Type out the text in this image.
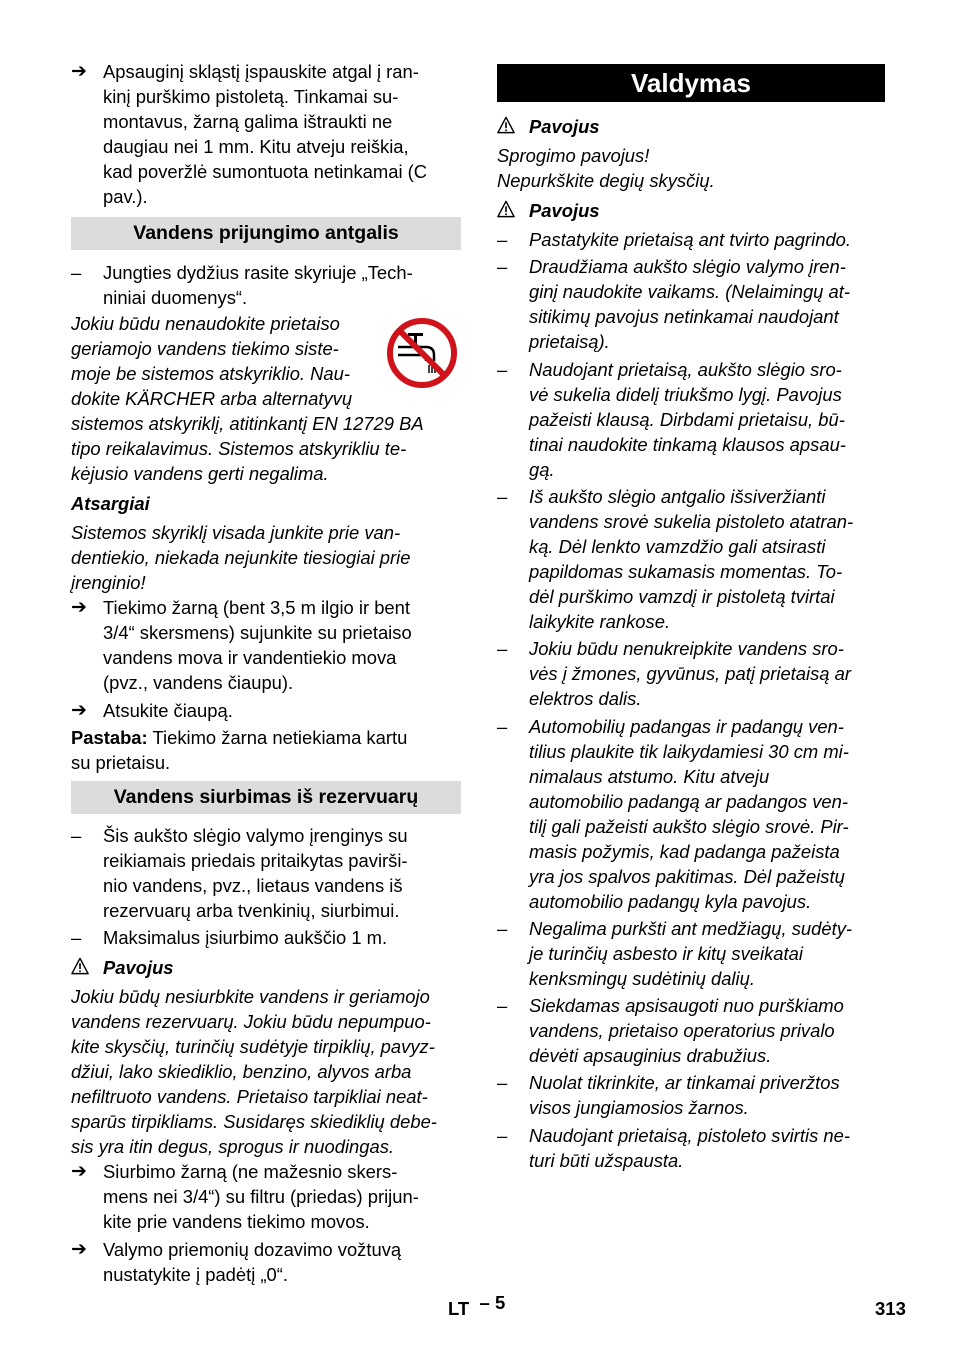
➔ Apsauginį skląstį įspauskite atgal į ran-
kinį purškimo pistoletą. Tinkamai su-
montavus, žarną galima ištraukti ne
daugiau nei 1 mm. Kitu atveju reiškia,
kad poveržlė sumontuota netinkamai (C
pav.).
Vandens prijungimo antgalis
– Jungties dydžius rasite skyriuje „Tech-
niniai duomenys“.
Jokiu būdu nenaudokite prietaiso
geriamojo vandens tiekimo siste-
moje be sistemos atskyriklio. Nau-
dokite KÄRCHER arba alternatyvų
sistemos atskyriklį, atitinkantį EN 12729 BA
tipo reikalavimus. Sistemos atskyrikliu te-
kėjusio vandens gerti negalima.
Atsargiai
Sistemos skyriklį visada junkite prie van-
dentiekio, niekada nejunkite tiesiogiai prie
įrenginio!
➔ Tiekimo žarną (bent 3,5 m ilgio ir bent
3/4“ skersmens) sujunkite su prietaiso
vandens mova ir vandentiekio mova
(pvz., vandens čiaupu).
➔ Atsukite čiaupą.
Pastaba: Tiekimo žarna netiekiama kartu
su prietaisu.
Vandens siurbimas iš rezervuarų
– Šis aukšto slėgio valymo įrenginys su
reikiamais priedais pritaikytas pavirši-
nio vandens, pvz., lietaus vandens iš
rezervuarų arba tvenkinių, siurbimui.
– Maksimalus įsiurbimo aukščio 1 m.
Pavojus
Jokiu būdų nesiurbkite vandens ir geriamojo
vandens rezervuarų. Jokiu būdu nepumpuo-
kite skysčių, turinčių sudėtyje tirpiklių, pavyz-
džiui, lako skiediklio, benzino, alyvos arba
nefiltruoto vandens. Prietaiso tarpikliai neat-
sparūs tirpikliams. Susidaręs skiediklių debe-
sis yra itin degus, sprogus ir nuodingas.
➔ Siurbimo žarną (ne mažesnio skers-
mens nei 3/4“) su filtru (priedas) prijun-
kite prie vandens tiekimo movos.
➔ Valymo priemonių dozavimo vožtuvą
nustatykite į padėtį „0“.
Valdymas
Pavojus
Sprogimo pavojus!
Nepurkškite degių skysčių.
Pavojus
– Pastatykite prietaisą ant tvirto pagrindo.
– Draudžiama aukšto slėgio valymo įren-
ginį naudokite vaikams. (Nelaimingų at-
sitikimų pavojus netinkamai naudojant
prietaisą).
– Naudojant prietaisą, aukšto slėgio sro-
vė sukelia didelį triukšmo lygį. Pavojus
pažeisti klausą. Dirbdami prietaisu, bū-
tinai naudokite tinkamą klausos apsau-
gą.
– Iš aukšto slėgio antgalio išsiveržianti
vandens srovė sukelia pistoleto atatran-
ką. Dėl lenkto vamzdžio gali atsirasti
papildomas sukamasis momentas. To-
dėl purškimo vamzdį ir pistoletą tvirtai
laikykite rankose.
– Jokiu būdu nenukreipkite vandens sro-
vės į žmones, gyvūnus, patį prietaisą ar
elektros dalis.
– Automobilių padangas ir padangų ven-
tilius plaukite tik laikydamiesi 30 cm mi-
nimalaus atstumo. Kitu atveju
automobilio padangą ar padangos ven-
tilį gali pažeisti aukšto slėgio srovė. Pir-
masis požymis, kad padanga pažeista
yra jos spalvos pakitimas. Dėl pažeistų
automobilio padangų kyla pavojus.
– Negalima purkšti ant medžiagų, sudėty-
je turinčių asbesto ir kitų sveikatai
kenksmingų sudėtinių dalių.
– Siekdamas apsisaugoti nuo purškiamo
vandens, prietaiso operatorius privalo
dėvėti apsauginius drabužius.
– Nuolat tikrinkite, ar tinkamai priveržtos
visos jungiamosios žarnos.
– Naudojant prietaisą, pistoleto svirtis ne-
turi būti užspausta.
LT – 5	313
